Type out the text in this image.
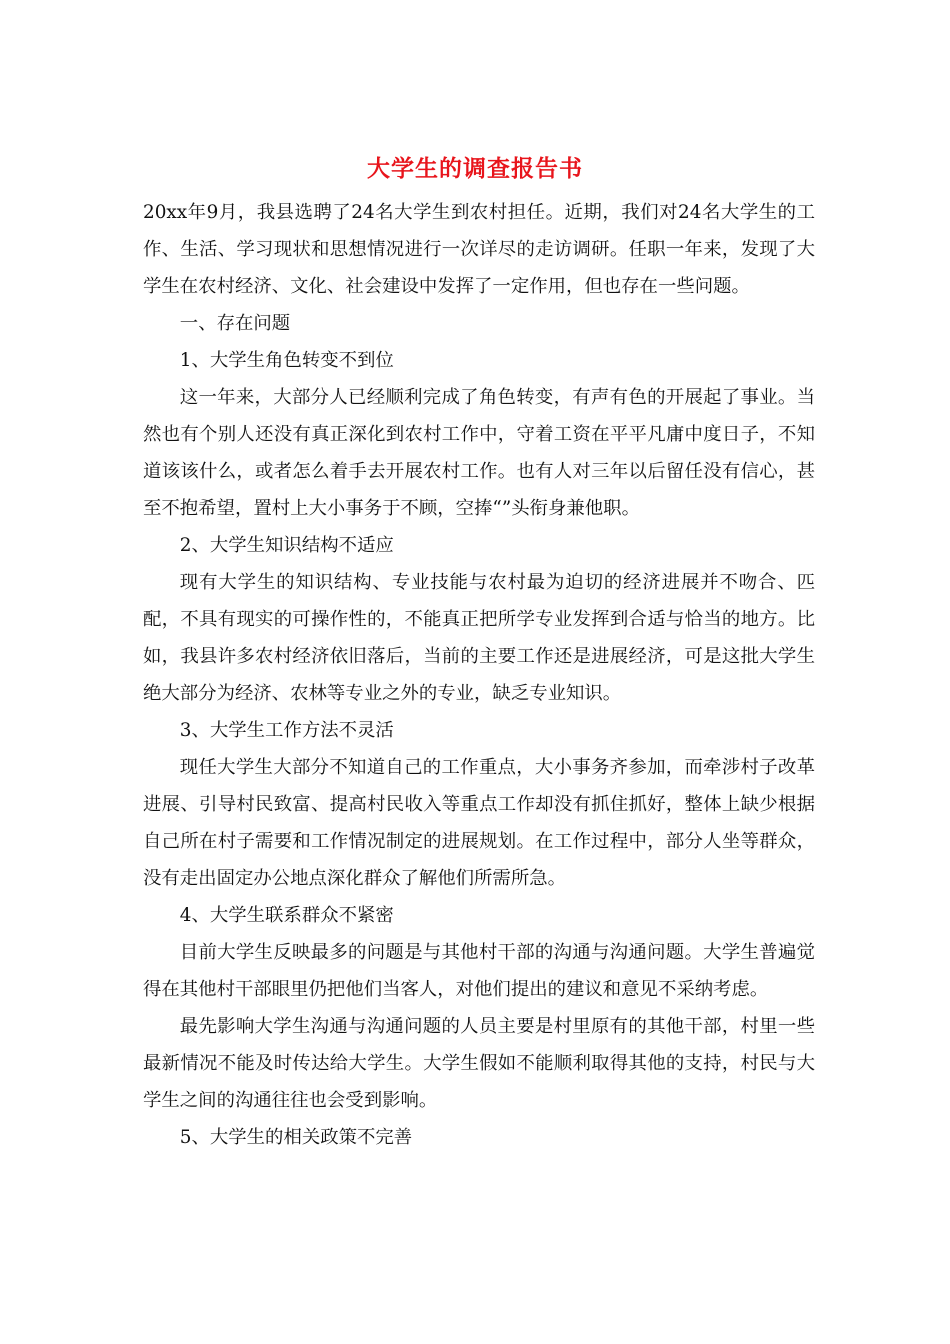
大学生的调查报告书

20xx年9月，我县选聘了24名大学生到农村担任。近期，我们对24名大学生的工作、生活、学习现状和思想情况进行一次详尽的走访调研。任职一年来，发现了大学生在农村经济、文化、社会建设中发挥了一定作用，但也存在一些问题。

一、存在问题

1、大学生角色转变不到位

这一年来，大部分人已经顺利完成了角色转变，有声有色的开展起了事业。当然也有个别人还没有真正深化到农村工作中，守着工资在平平凡庸中度日子，不知道该该什么，或者怎么着手去开展农村工作。也有人对三年以后留任没有信心，甚至不抱希望，置村上大小事务于不顾，空捧“”头衔身兼他职。

2、大学生知识结构不适应

现有大学生的知识结构、专业技能与农村最为迫切的经济进展并不吻合、匹配，不具有现实的可操作性的，不能真正把所学专业发挥到合适与恰当的地方。比如，我县许多农村经济依旧落后，当前的主要工作还是进展经济，可是这批大学生绝大部分为经济、农林等专业之外的专业，缺乏专业知识。

3、大学生工作方法不灵活

现任大学生大部分不知道自己的工作重点，大小事务齐参加，而牵涉村子改革进展、引导村民致富、提高村民收入等重点工作却没有抓住抓好，整体上缺少根据自己所在村子需要和工作情况制定的进展规划。在工作过程中，部分人坐等群众，没有走出固定办公地点深化群众了解他们所需所急。

4、大学生联系群众不紧密

目前大学生反映最多的问题是与其他村干部的沟通与沟通问题。大学生普遍觉得在其他村干部眼里仍把他们当客人，对他们提出的建议和意见不采纳考虑。

最先影响大学生沟通与沟通问题的人员主要是村里原有的其他干部，村里一些最新情况不能及时传达给大学生。大学生假如不能顺利取得其他的支持，村民与大学生之间的沟通往往也会受到影响。

5、大学生的相关政策不完善
